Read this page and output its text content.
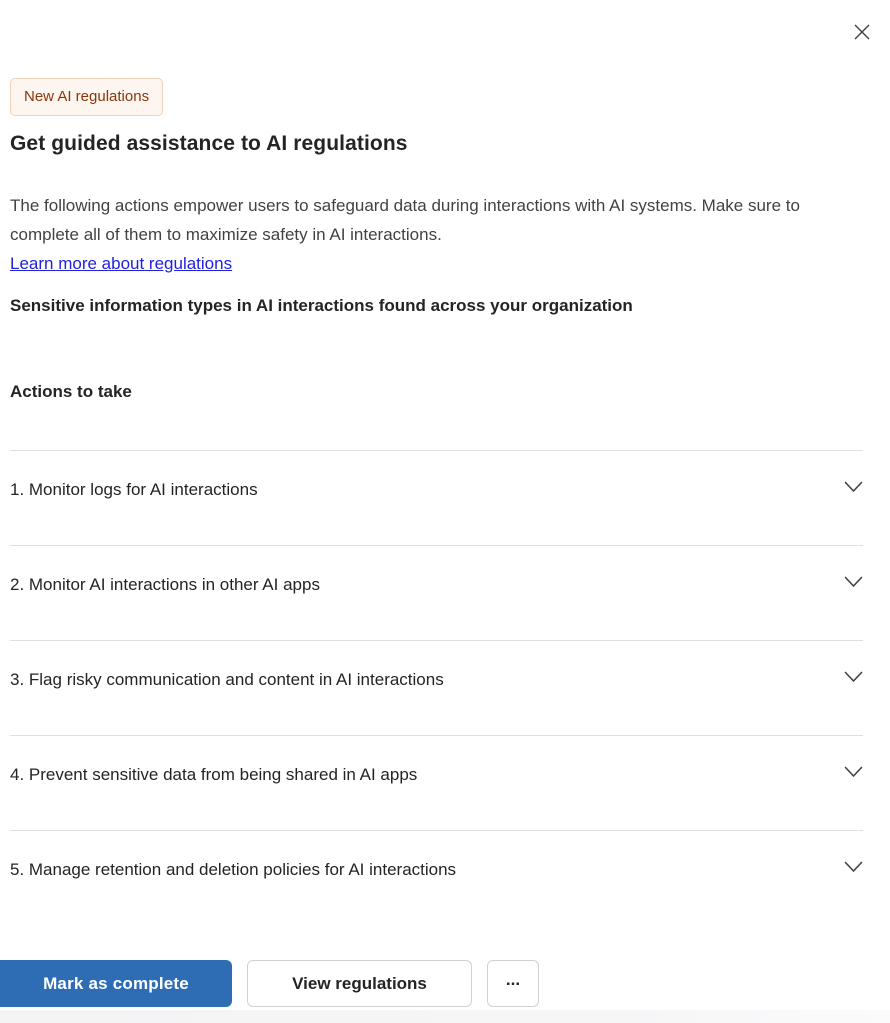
New AI regulations
Get guided assistance to AI regulations

The following actions empower users to safeguard data during interactions with AI systems. Make sure to complete all of them to maximize safety in AI interactions.

Learn more about regulations

Sensitive information types in AI interactions found across your organization

Actions to take

1. Monitor logs for AI interactions
2. Monitor AI interactions in other AI apps
3. Flag risky communication and content in AI interactions
4. Prevent sensitive data from being shared in AI apps
5. Manage retention and deletion policies for AI interactions
Mark as complete	View regulations	...
